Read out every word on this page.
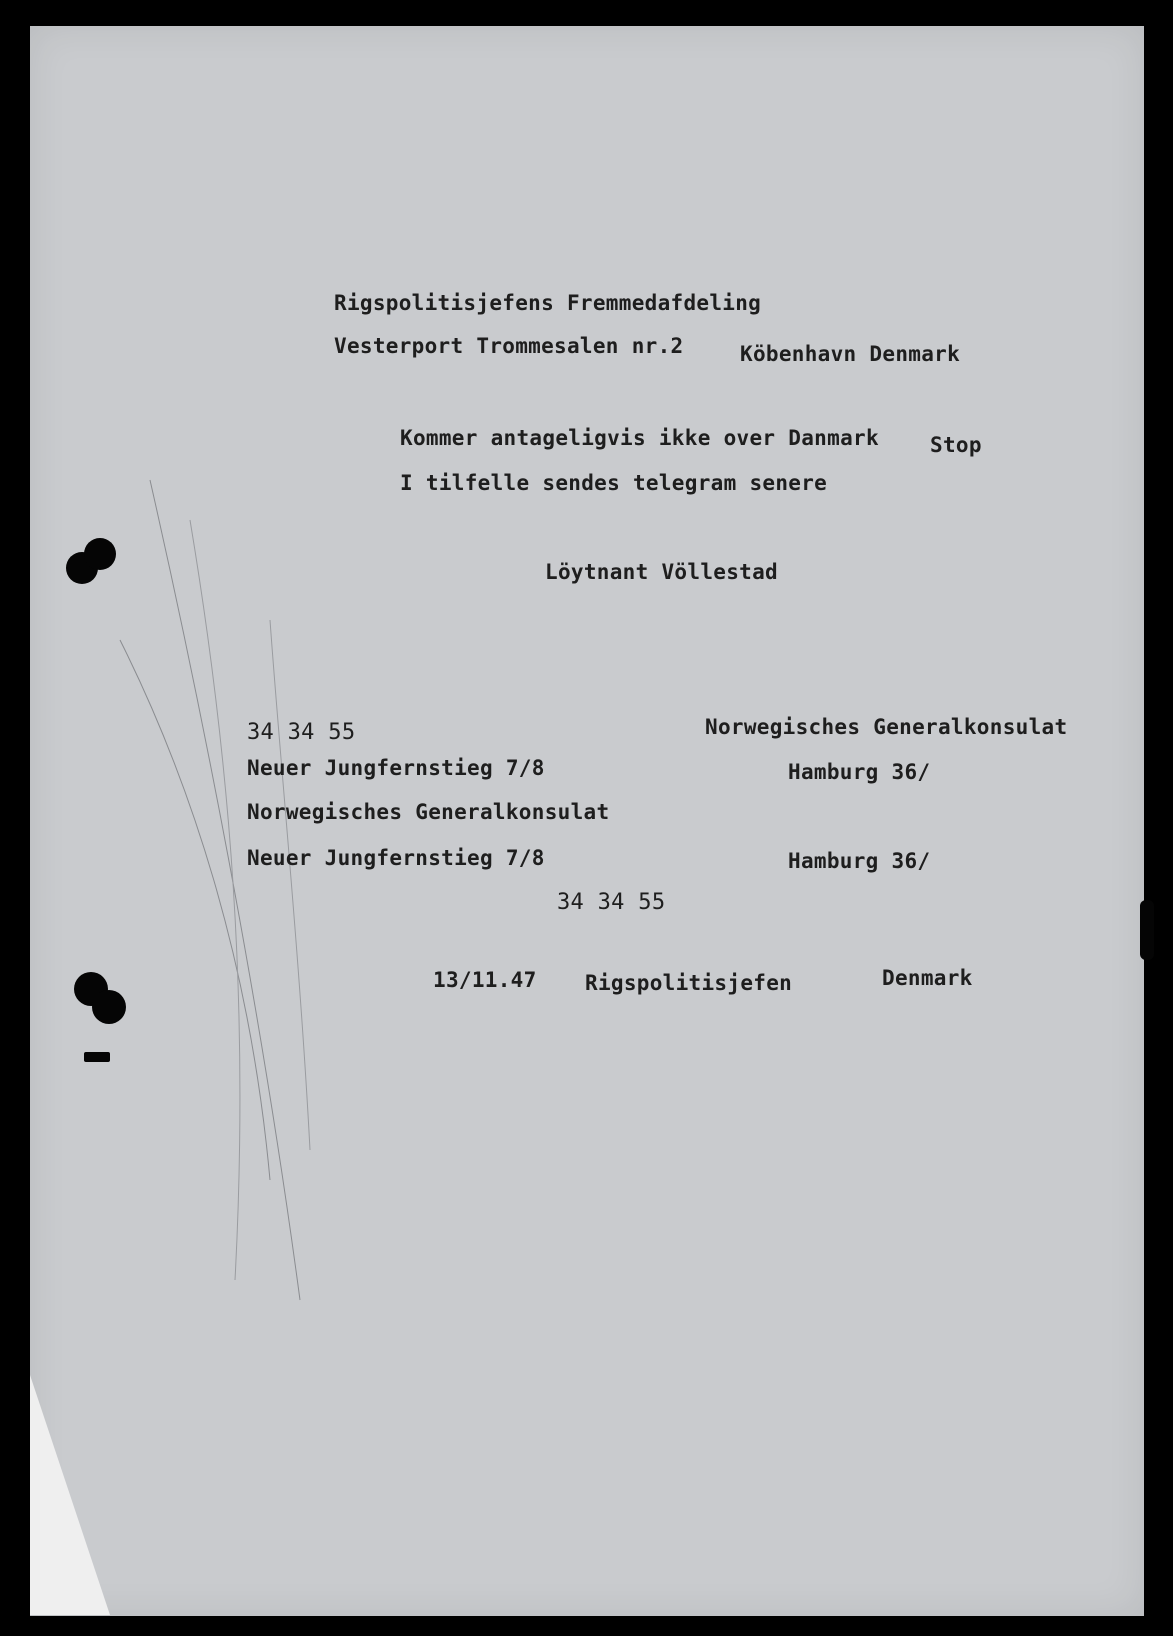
Rigspolitisjefens Fremmedafdeling
Vesterport Trommesalen nr.2	Köbenhavn Denmark
Kommer antageligvis ikke over Danmark Stop
I tilfelle sendes telegram senere
Löytnant Völlestad
34 34 55	Norwegisches Generalkonsulat
Neuer Jungfernstieg 7/8	Hamburg 36/
Norwegisches Generalkonsulat
Neuer Jungfernstieg 7/8	Hamburg 36/
34 34 55
13/11.47 Rigspolitisjefen	Denmark
